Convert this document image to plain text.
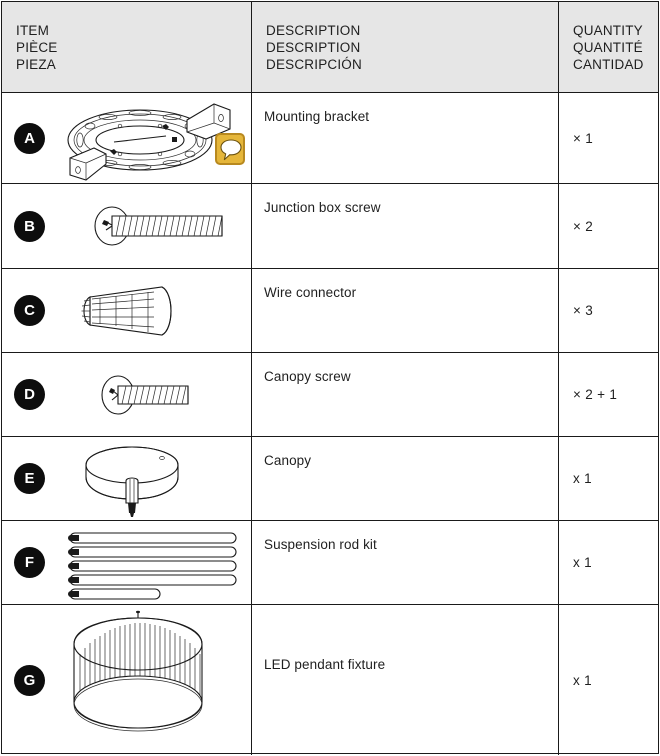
ITEM
PIÈCE
PIEZA
DESCRIPTION
DESCRIPTION
DESCRIPCIÓN
QUANTITY
QUANTITÉ
CANTIDAD
A
Mounting bracket
× 1
B
Junction box screw
× 2
C
Wire connector
× 3
D
Canopy screw
× 2 + 1
E
Canopy
x 1
F
Suspension rod kit
x 1
G
LED pendant fixture
x 1
